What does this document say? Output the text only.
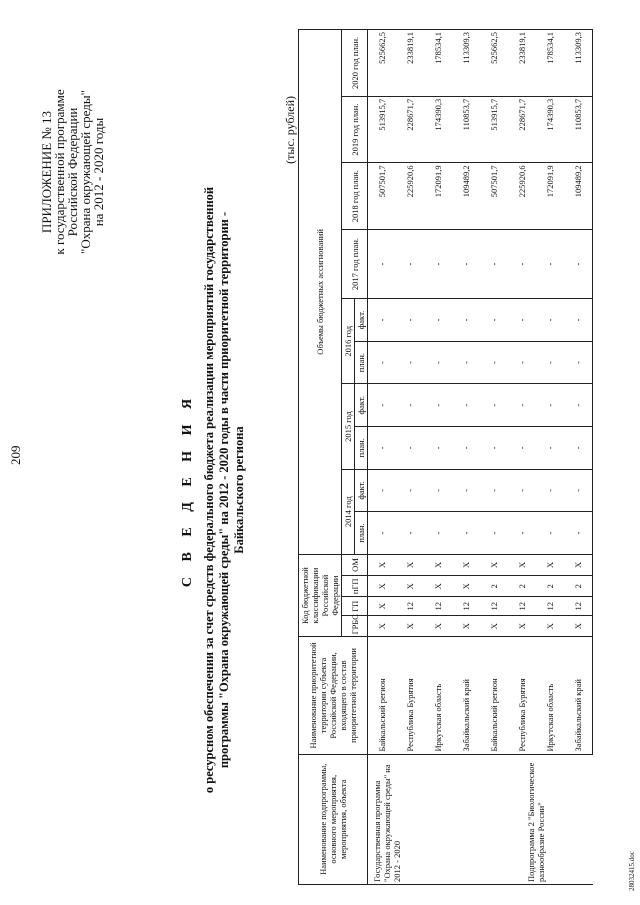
209
ПРИЛОЖЕНИЕ № 13
к государственной программе
Российской Федерации
"Охрана окружающей среды"
на 2012 - 2020 годы
С В Е Д Е Н И Я о ресурсном обеспечении за счет средств федерального бюджета реализации мероприятий государственной программы "Охрана окружающей среды" на 2012 - 2020 годы в части приоритетной территории - Байкальского региона
(тыс. рублей)
Наименование подпрограммы, основного мероприятия, мероприятия, объекта	Наименование приоритетной территории субъекта Российской Федерации, входящего в состав приоритетной территории	Код бюджетной классификации Российской Федерации				Объемы бюджетных ассигнований									
		ГРБС	ГП	пГП	ОМ	2014 год		2015 год		2016 год		2017 год план.	2018 год план.	2019 год план.	2020 год план.
						план.	факт.	план.	факт.	план.	факт.				
Государственная программа "Охрана окружающей среды" на 2012 - 2020	Байкальский регион	Х	Х	Х	Х	-	-	-	-	-	-	-	507501,7	513915,7	525662,5
	Республика Бурятия	Х	12	Х	Х	-	-	-	-	-	-	-	225920,6	228671,7	233819,1
	Иркутская область	Х	12	Х	Х	-	-	-	-	-	-	-	172091,9	174390,3	178534,1
	Забайкальский край	Х	12	Х	Х	-	-	-	-	-	-	-	109489,2	110853,7	113309,3
Подпрограмма 2 "Биологическое разнообразие России"	Байкальский регион	Х	12	2	Х	-	-	-	-	-	-	-	507501,7	513915,7	525662,5
	Республика Бурятия	Х	12	2	Х	-	-	-	-	-	-	-	225920,6	228671,7	233819,1
	Иркутская область	Х	12	2	Х	-	-	-	-	-	-	-	172091,9	174390,3	178534,1
	Забайкальский край	Х	12	2	Х	-	-	-	-	-	-	-	109489,2	110853,7	113309,3
28032415.doc
